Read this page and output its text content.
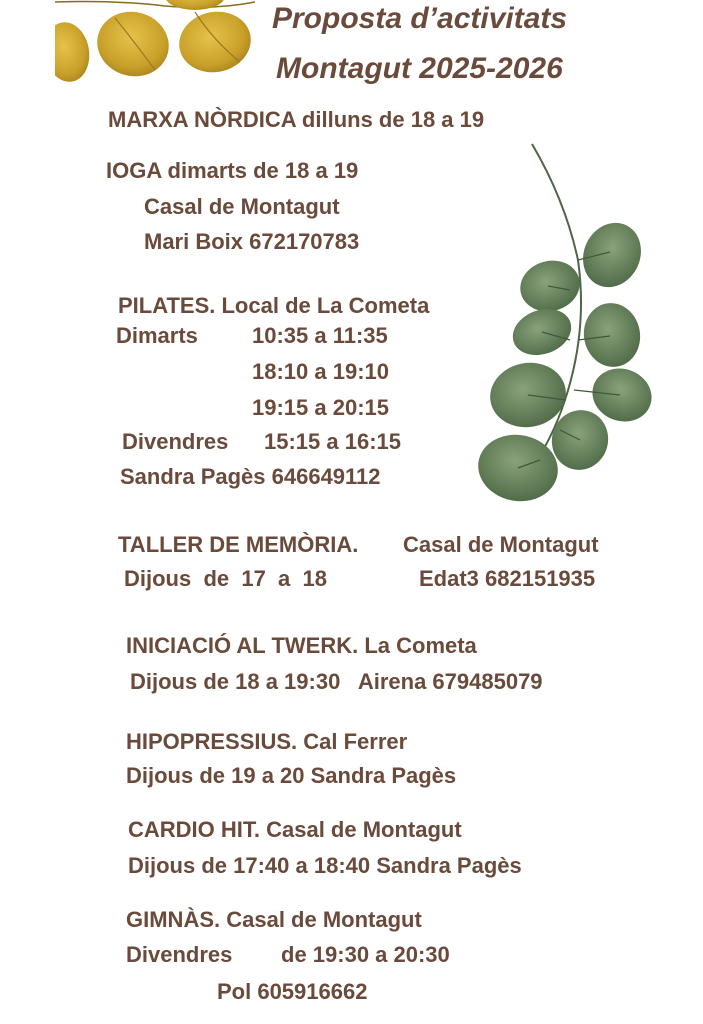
Proposta d’activitats
Montagut 2025-2026
MARXA NÒRDICA dilluns de 18 a 19
IOGA dimarts de 18 a 19
Casal de Montagut
Mari Boix 672170783
PILATES. Local de La Cometa
Dimarts 10:35 a 11:35
18:10 a 19:10
19:15 a 20:15
Divendres 15:15 a 16:15
Sandra Pagès 646649112
TALLER DE MEMÒRIA. Casal de Montagut
Dijous  de  17  a  18	Edat3 682151935
INICIACIÓ AL TWERK. La Cometa
Dijous de 18 a 19:30   Airena 679485079
HIPOPRESSIUS. Cal Ferrer
Dijous de 19 a 20 Sandra Pagès
CARDIO HIT. Casal de Montagut
Dijous de 17:40 a 18:40 Sandra Pagès
GIMNÀS. Casal de Montagut
Divendres de 19:30 a 20:30
Pol 605916662
